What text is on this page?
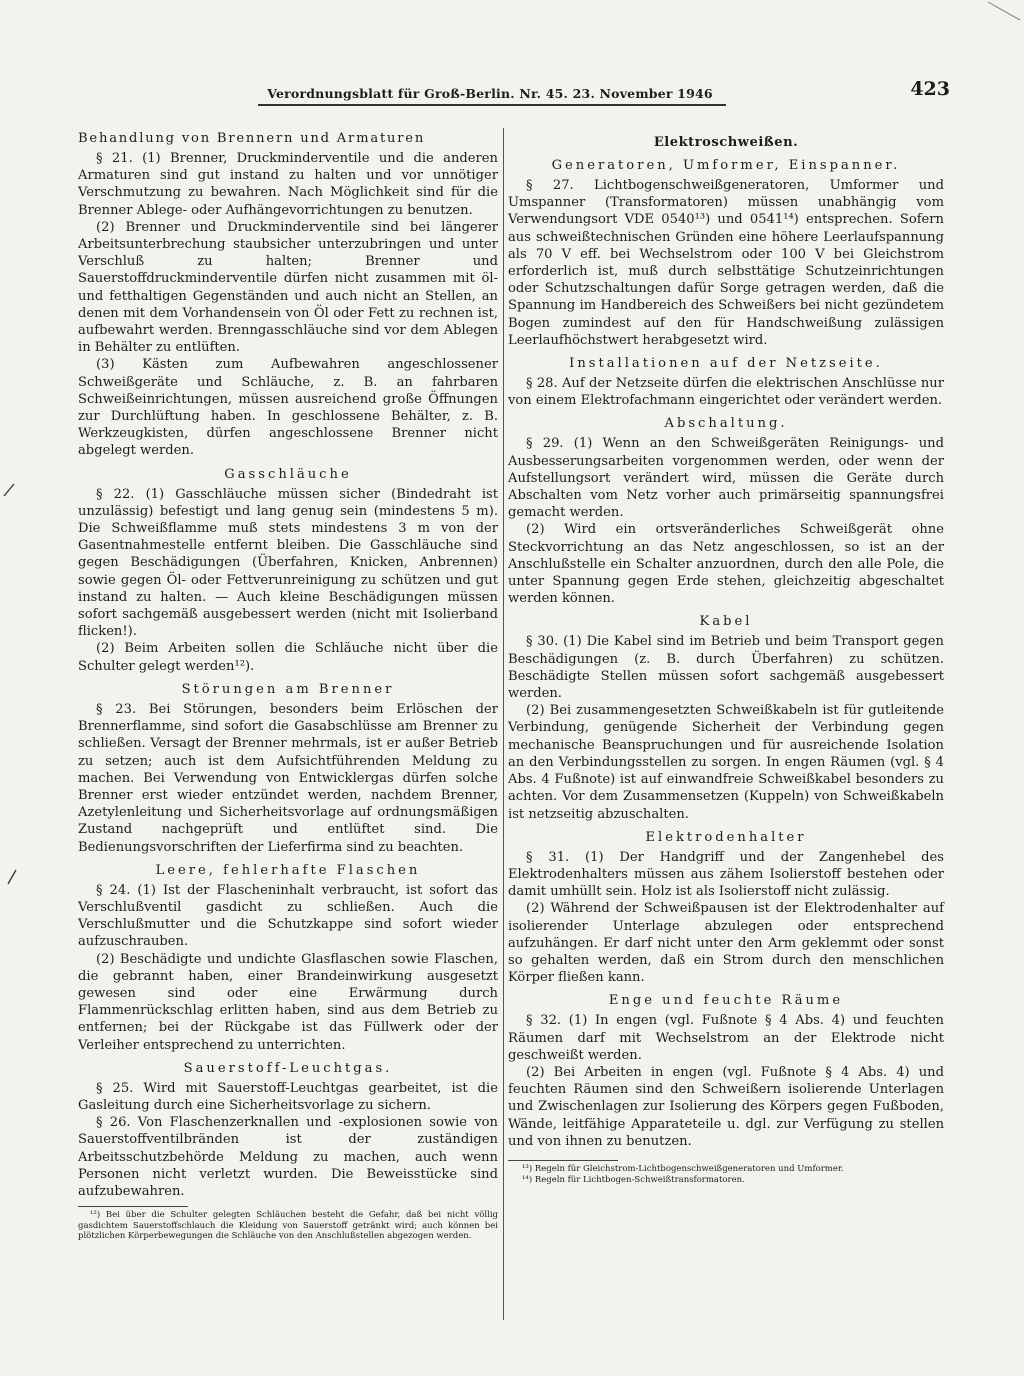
Verordnungsblatt für Groß-Berlin. Nr. 45. 23. November 1946	423
Behandlung von Brennern und Armaturen

§ 21. (1) Brenner, Druckminderventile und die anderen Armaturen sind gut instand zu halten und vor unnötiger Verschmutzung zu bewahren. Nach Möglichkeit sind für die Brenner Ablege- oder Aufhängevorrichtungen zu benutzen.

(2) Brenner und Druckminderventile sind bei längerer Arbeitsunterbrechung staubsicher unterzubringen und unter Verschluß zu halten; Brenner und Sauerstoffdruckminderventile dürfen nicht zusammen mit öl- und fetthaltigen Gegenständen und auch nicht an Stellen, an denen mit dem Vorhandensein von Öl oder Fett zu rechnen ist, aufbewahrt werden. Brenngasschläuche sind vor dem Ablegen in Behälter zu entlüften.

(3) Kästen zum Aufbewahren angeschlossener Schweißgeräte und Schläuche, z. B. an fahrbaren Schweißeinrichtungen, müssen ausreichend große Öffnungen zur Durchlüftung haben. In geschlossene Behälter, z. B. Werkzeugkisten, dürfen angeschlossene Brenner nicht abgelegt werden.

Gasschläuche

§ 22. (1) Gasschläuche müssen sicher (Bindedraht ist unzulässig) befestigt und lang genug sein (mindestens 5 m). Die Schweißflamme muß stets mindestens 3 m von der Gasentnahmestelle entfernt bleiben. Die Gasschläuche sind gegen Beschädigungen (Überfahren, Knicken, Anbrennen) sowie gegen Öl- oder Fettverunreinigung zu schützen und gut instand zu halten. — Auch kleine Beschädigungen müssen sofort sachgemäß ausgebessert werden (nicht mit Isolierband flicken!).

(2) Beim Arbeiten sollen die Schläuche nicht über die Schulter gelegt werden¹²).

Störungen am Brenner

§ 23. Bei Störungen, besonders beim Erlöschen der Brennerflamme, sind sofort die Gasabschlüsse am Brenner zu schließen. Versagt der Brenner mehrmals, ist er außer Betrieb zu setzen; auch ist dem Aufsichtführenden Meldung zu machen. Bei Verwendung von Entwicklergas dürfen solche Brenner erst wieder entzündet werden, nachdem Brenner, Azetylenleitung und Sicherheitsvorlage auf ordnungsmäßigen Zustand nachgeprüft und entlüftet sind. Die Bedienungsvorschriften der Lieferfirma sind zu beachten.

Leere, fehlerhafte Flaschen

§ 24. (1) Ist der Flascheninhalt verbraucht, ist sofort das Verschlußventil gasdicht zu schließen. Auch die Verschlußmutter und die Schutzkappe sind sofort wieder aufzuschrauben.

(2) Beschädigte und undichte Glasflaschen sowie Flaschen, die gebrannt haben, einer Brandeinwirkung ausgesetzt gewesen sind oder eine Erwärmung durch Flammenrückschlag erlitten haben, sind aus dem Betrieb zu entfernen; bei der Rückgabe ist das Füllwerk oder der Verleiher entsprechend zu unterrichten.

Sauerstoff-Leuchtgas.

§ 25. Wird mit Sauerstoff-Leuchtgas gearbeitet, ist die Gasleitung durch eine Sicherheitsvorlage zu sichern.

§ 26. Von Flaschenzerknallen und -explosionen sowie von Sauerstoffventilbränden ist der zuständigen Arbeitsschutzbehörde Meldung zu machen, auch wenn Personen nicht verletzt wurden. Die Beweisstücke sind aufzubewahren.

¹²) Bei über die Schulter gelegten Schläuchen besteht die Gefahr, daß bei nicht völlig gasdichtem Sauerstoffschlauch die Kleidung von Sauerstoff getränkt wird; auch können bei plötzlichen Körperbewegungen die Schläuche von den Anschlußstellen abgezogen werden.

Elektroschweißen.
Generatoren, Umformer, Einspanner.

§ 27. Lichtbogenschweißgeneratoren, Umformer und Umspanner (Transformatoren) müssen unabhängig vom Verwendungsort VDE 0540¹³) und 0541¹⁴) entsprechen. Sofern aus schweißtechnischen Gründen eine höhere Leerlaufspannung als 70 V eff. bei Wechselstrom oder 100 V bei Gleichstrom erforderlich ist, muß durch selbsttätige Schutzeinrichtungen oder Schutzschaltungen dafür Sorge getragen werden, daß die Spannung im Handbereich des Schweißers bei nicht gezündetem Bogen zumindest auf den für Handschweißung zulässigen Leerlaufhöchstwert herabgesetzt wird.

Installationen auf der Netzseite.

§ 28. Auf der Netzseite dürfen die elektrischen Anschlüsse nur von einem Elektrofachmann eingerichtet oder verändert werden.

Abschaltung.

§ 29. (1) Wenn an den Schweißgeräten Reinigungs- und Ausbesserungsarbeiten vorgenommen werden, oder wenn der Aufstellungsort verändert wird, müssen die Geräte durch Abschalten vom Netz vorher auch primärseitig spannungsfrei gemacht werden.

(2) Wird ein ortsveränderliches Schweißgerät ohne Steckvorrichtung an das Netz angeschlossen, so ist an der Anschlußstelle ein Schalter anzuordnen, durch den alle Pole, die unter Spannung gegen Erde stehen, gleichzeitig abgeschaltet werden können.

Kabel

§ 30. (1) Die Kabel sind im Betrieb und beim Transport gegen Beschädigungen (z. B. durch Überfahren) zu schützen. Beschädigte Stellen müssen sofort sachgemäß ausgebessert werden.

(2) Bei zusammengesetzten Schweißkabeln ist für gutleitende Verbindung, genügende Sicherheit der Verbindung gegen mechanische Beanspruchungen und für ausreichende Isolation an den Verbindungsstellen zu sorgen. In engen Räumen (vgl. § 4 Abs. 4 Fußnote) ist auf einwandfreie Schweißkabel besonders zu achten. Vor dem Zusammensetzen (Kuppeln) von Schweißkabeln ist netzseitig abzuschalten.

Elektrodenhalter

§ 31. (1) Der Handgriff und der Zangenhebel des Elektrodenhalters müssen aus zähem Isolierstoff bestehen oder damit umhüllt sein. Holz ist als Isolierstoff nicht zulässig.

(2) Während der Schweißpausen ist der Elektrodenhalter auf isolierender Unterlage abzulegen oder entsprechend aufzuhängen. Er darf nicht unter den Arm geklemmt oder sonst so gehalten werden, daß ein Strom durch den menschlichen Körper fließen kann.

Enge und feuchte Räume

§ 32. (1) In engen (vgl. Fußnote § 4 Abs. 4) und feuchten Räumen darf mit Wechselstrom an der Elektrode nicht geschweißt werden.

(2) Bei Arbeiten in engen (vgl. Fußnote § 4 Abs. 4) und feuchten Räumen sind den Schweißern isolierende Unterlagen und Zwischenlagen zur Isolierung des Körpers gegen Fußboden, Wände, leitfähige Apparateteile u. dgl. zur Verfügung zu stellen und von ihnen zu benutzen.

¹³) Regeln für Gleichstrom-Lichtbogenschweißgeneratoren und Umformer.

¹⁴) Regeln für Lichtbogen-Schweißtransformatoren.
